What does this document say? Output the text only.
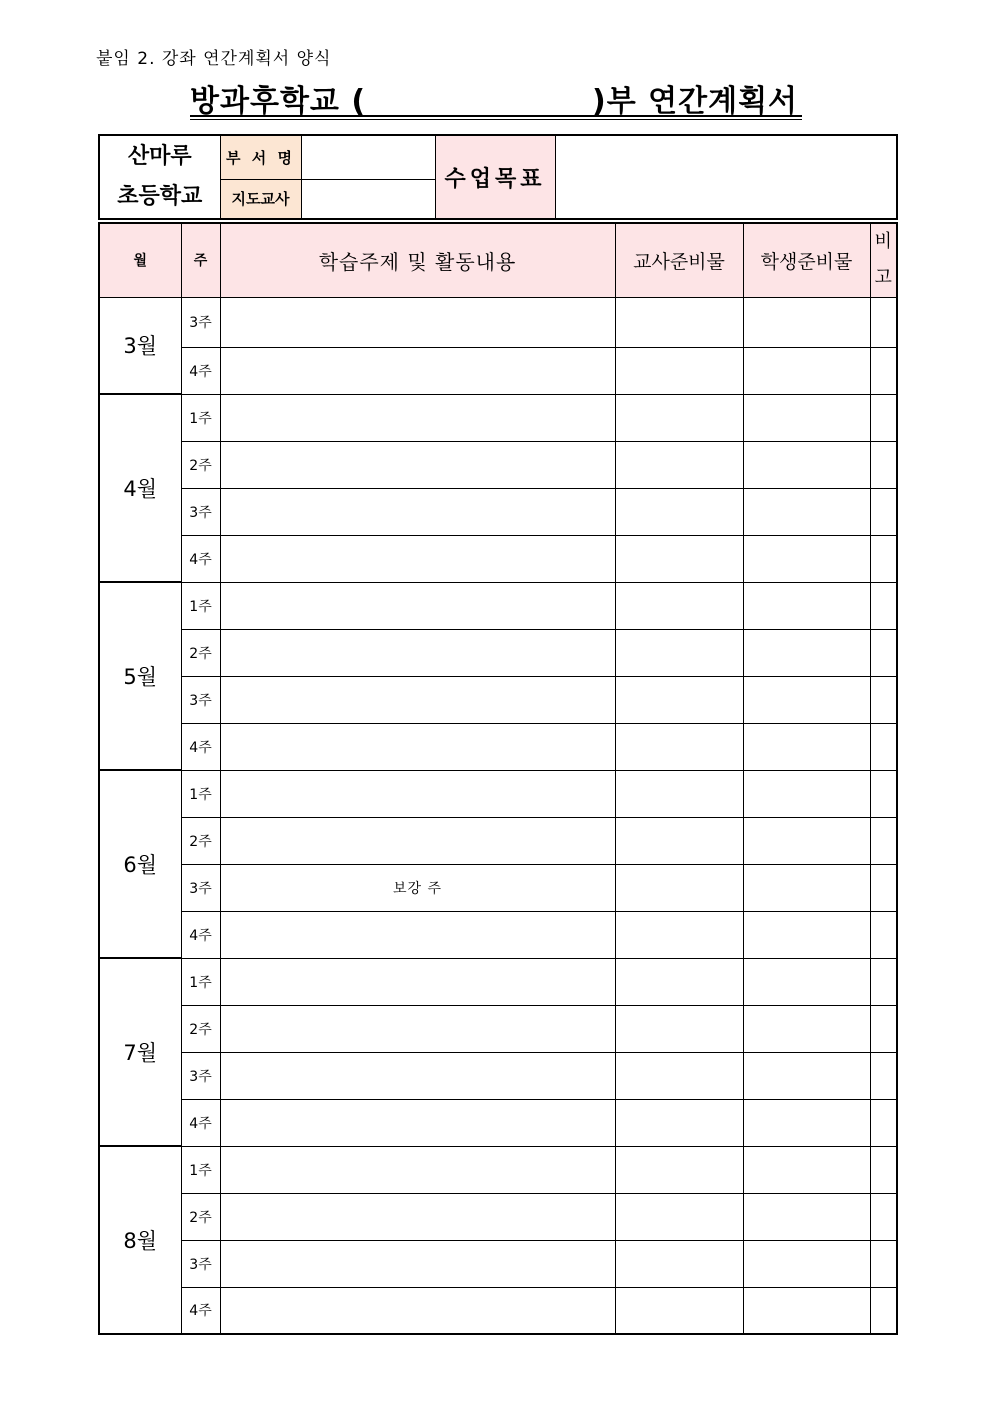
붙임 2. 강좌 연간계획서 양식
방과후학교 (	)부 연간계획서
산마루
초등학교	부 서 명		수업목표	
	지도교사			
월	주	학습주제 및 활동내용	교사준비물	학생준비물	비
고

3월	3주				
	4주				
4월	1주				
	2주				
	3주				
	4주				
5월	1주				
	2주				
	3주				
	4주				
6월	1주				
	2주				
	3주	보강 주			
	4주				
7월	1주				
	2주				
	3주				
	4주				
8월	1주				
	2주				
	3주				
	4주				
